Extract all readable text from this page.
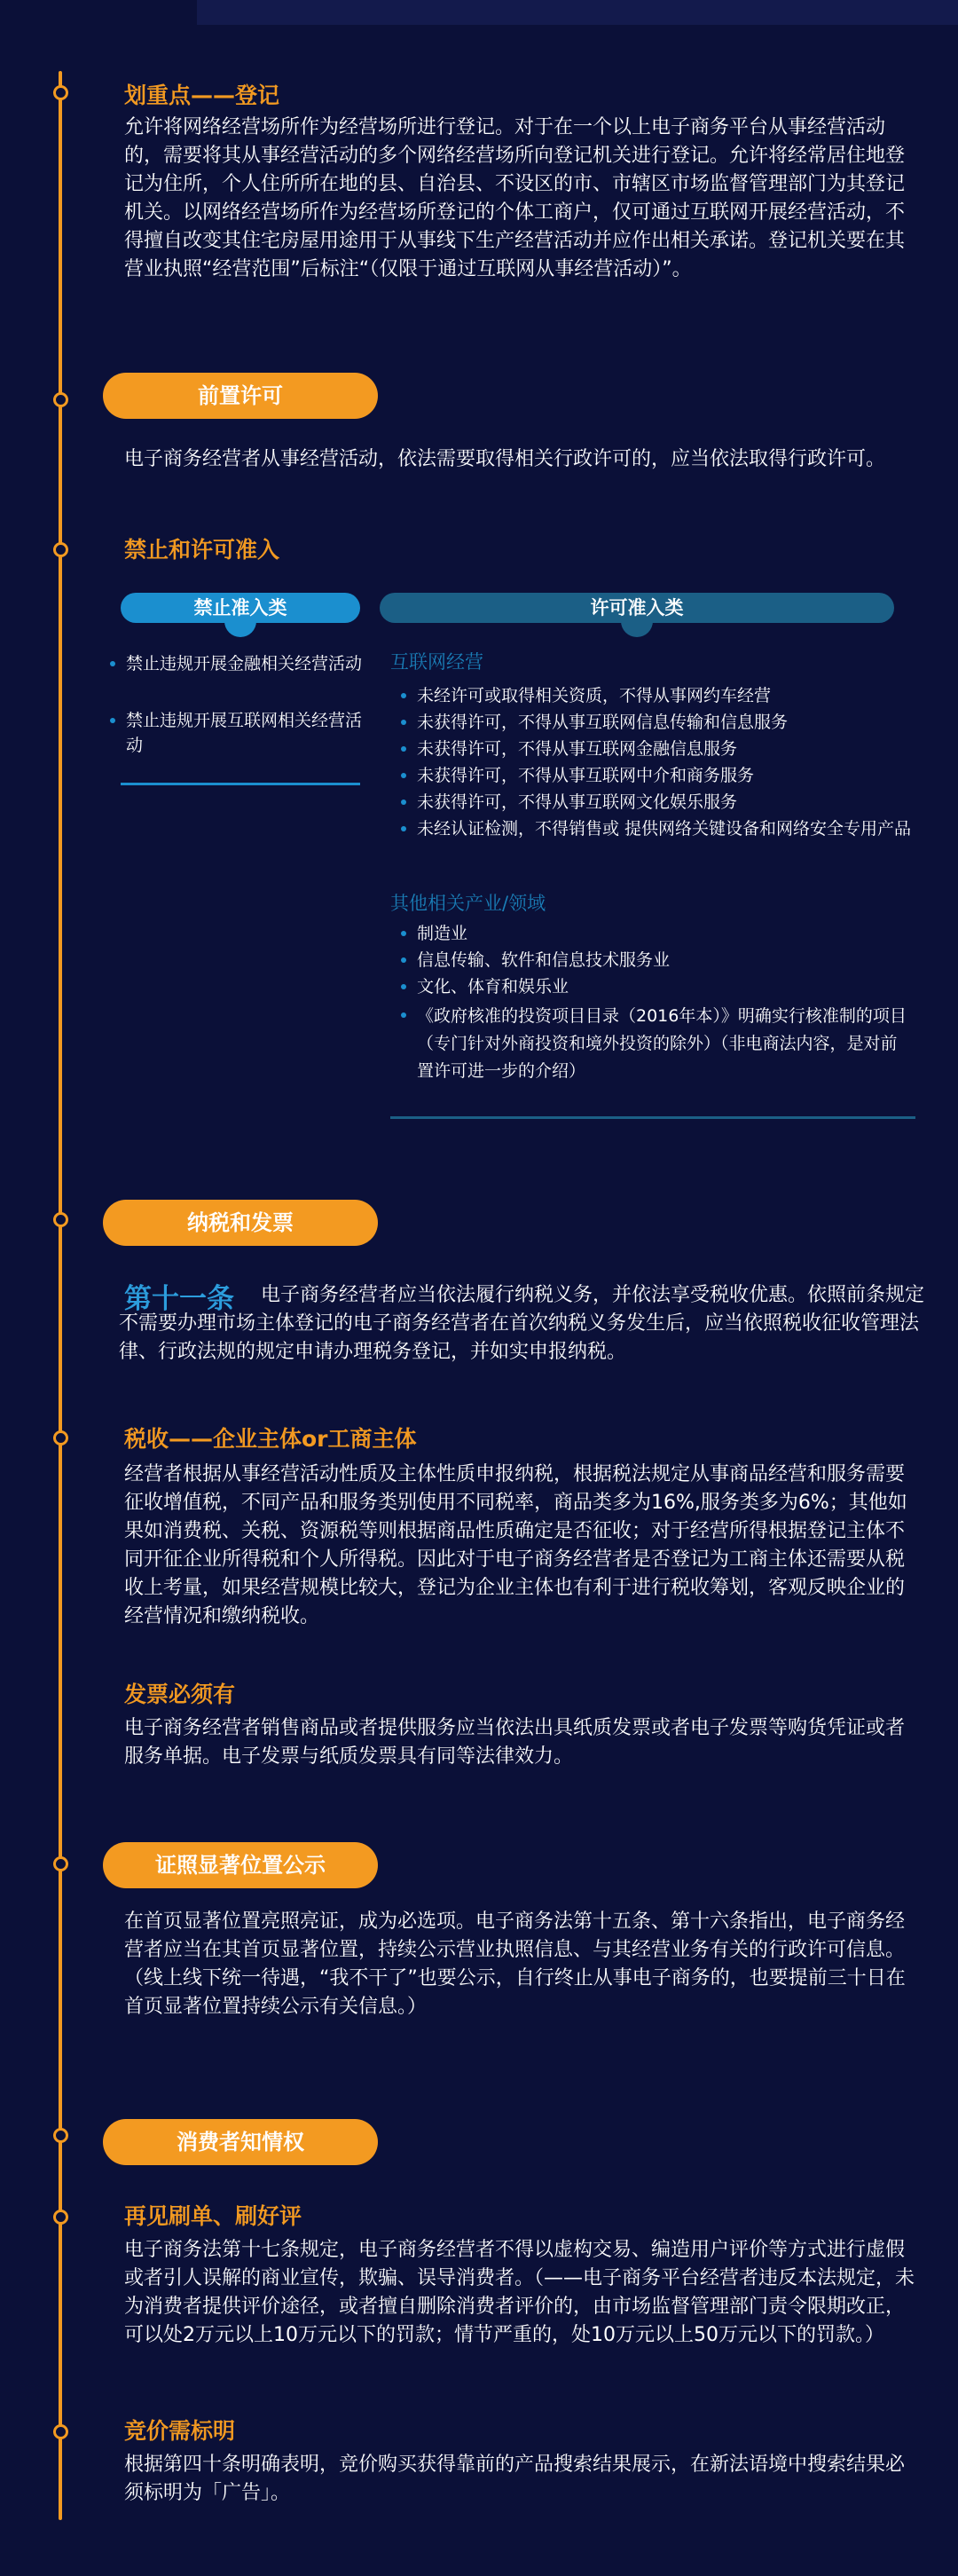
划重点——登记

允许将网络经营场所作为经营场所进行登记。对于在一个以上电子商务平台从事经营活动的，需要将其从事经营活动的多个网络经营场所向登记机关进行登记。允许将经常居住地登记为住所，个人住所所在地的县、自治县、不设区的市、市辖区市场监督管理部门为其登记机关。以网络经营场所作为经营场所登记的个体工商户，仅可通过互联网开展经营活动，不得擅自改变其住宅房屋用途用于从事线下生产经营活动并应作出相关承诺。登记机关要在其营业执照“经营范围”后标注“（仅限于通过互联网从事经营活动）”。

前置许可

电子商务经营者从事经营活动，依法需要取得相关行政许可的，应当依法取得行政许可。

禁止和许可准入
禁止准入类	许可准入类

禁止违规开展金融相关经营活动

禁止违规开展互联网相关经营活动

互联网经营

未经许可或取得相关资质，不得从事网约车经营

未获得许可，不得从事互联网信息传输和信息服务

未获得许可，不得从事互联网金融信息服务

未获得许可，不得从事互联网中介和商务服务

未获得许可，不得从事互联网文化娱乐服务

未经认证检测，不得销售或 提供网络关键设备和网络安全专用产品

其他相关产业/领域

制造业

信息传输、软件和信息技术服务业

文化、体育和娱乐业

《政府核准的投资项目目录（2016年本）》明确实行核准制的项目（专门针对外商投资和境外投资的除外）（非电商法内容，是对前置许可进一步的介绍）

纳税和发票
第十一条	电子商务经营者应当依法履行纳税义务，并依法享受税收优惠。依照前条规定不需要办理市场主体登记的电子商务经营者在首次纳税义务发生后，应当依照税收征收管理法律、行政法规的规定申请办理税务登记，并如实申报纳税。

税收——企业主体or工商主体

经营者根据从事经营活动性质及主体性质申报纳税，根据税法规定从事商品经营和服务需要征收增值税，不同产品和服务类别使用不同税率，商品类多为16%,服务类多为6%；其他如果如消费税、关税、资源税等则根据商品性质确定是否征收；对于经营所得根据登记主体不同开征企业所得税和个人所得税。因此对于电子商务经营者是否登记为工商主体还需要从税收上考量，如果经营规模比较大，登记为企业主体也有利于进行税收筹划，客观反映企业的经营情况和缴纳税收。

发票必须有

电子商务经营者销售商品或者提供服务应当依法出具纸质发票或者电子发票等购货凭证或者服务单据。电子发票与纸质发票具有同等法律效力。

证照显著位置公示

在首页显著位置亮照亮证，成为必选项。电子商务法第十五条、第十六条指出，电子商务经营者应当在其首页显著位置，持续公示营业执照信息、与其经营业务有关的行政许可信息。（线上线下统一待遇，“我不干了”也要公示，自行终止从事电子商务的，也要提前三十日在首页显著位置持续公示有关信息。）

消费者知情权
再见刷单、刷好评

电子商务法第十七条规定，电子商务经营者不得以虚构交易、编造用户评价等方式进行虚假或者引人误解的商业宣传，欺骗、误导消费者。（——电子商务平台经营者违反本法规定，未为消费者提供评价途径，或者擅自删除消费者评价的，由市场监督管理部门责令限期改正，可以处2万元以上10万元以下的罚款；情节严重的，处10万元以上50万元以下的罚款。）

竞价需标明

根据第四十条明确表明，竞价购买获得靠前的产品搜索结果展示，在新法语境中搜索结果必须标明为「广告」。
